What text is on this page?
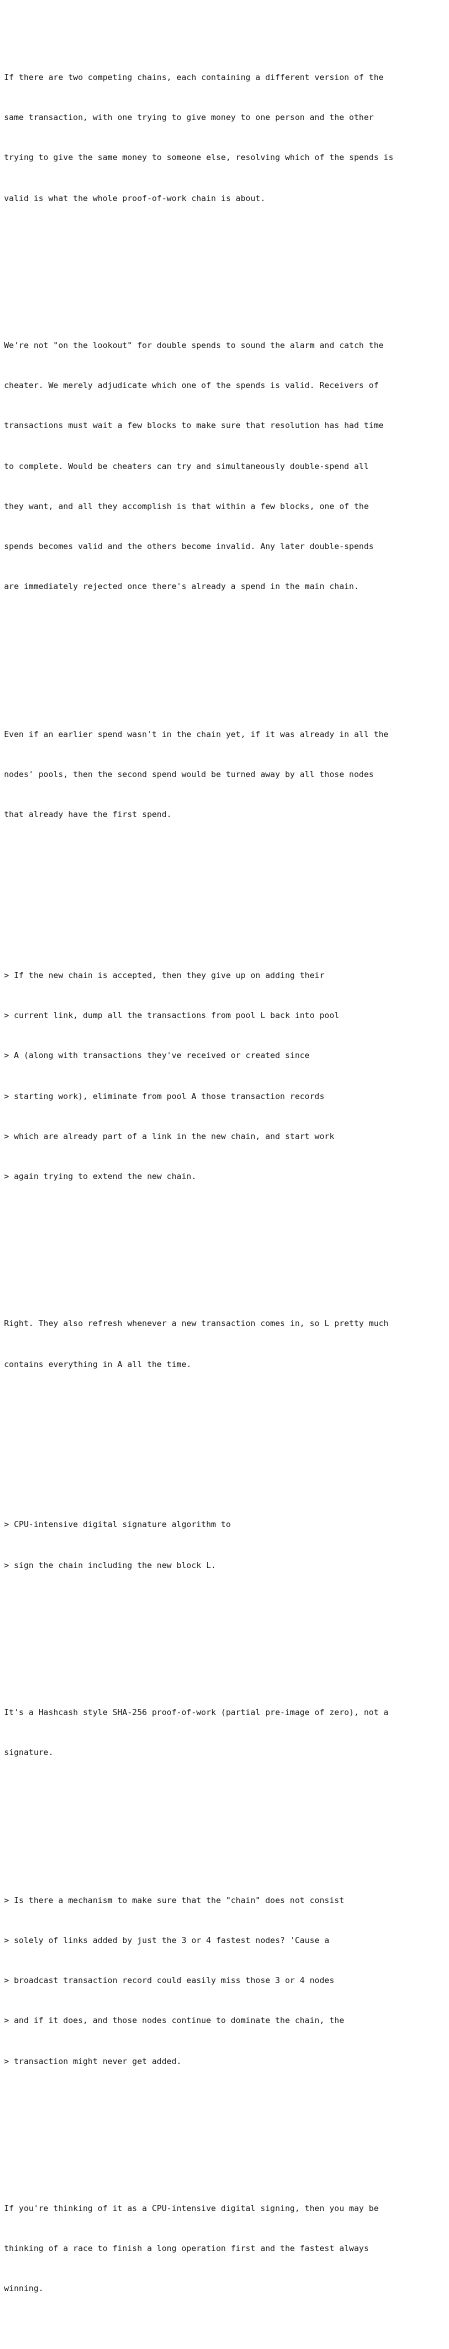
If there are two competing chains, each containing a different version of the

same transaction, with one trying to give money to one person and the other

trying to give the same money to someone else, resolving which of the spends is

valid is what the whole proof-of-work chain is about.

We're not "on the lookout" for double spends to sound the alarm and catch the

cheater. We merely adjudicate which one of the spends is valid. Receivers of

transactions must wait a few blocks to make sure that resolution has had time

to complete. Would be cheaters can try and simultaneously double-spend all

they want, and all they accomplish is that within a few blocks, one of the

spends becomes valid and the others become invalid. Any later double-spends

are immediately rejected once there's already a spend in the main chain.

Even if an earlier spend wasn't in the chain yet, if it was already in all the

nodes' pools, then the second spend would be turned away by all those nodes

that already have the first spend.

> If the new chain is accepted, then they give up on adding their

> current link, dump all the transactions from pool L back into pool

> A (along with transactions they've received or created since

> starting work), eliminate from pool A those transaction records

> which are already part of a link in the new chain, and start work

> again trying to extend the new chain.

Right. They also refresh whenever a new transaction comes in, so L pretty much

contains everything in A all the time.

> CPU-intensive digital signature algorithm to

> sign the chain including the new block L.

It's a Hashcash style SHA-256 proof-of-work (partial pre-image of zero), not a

signature.

> Is there a mechanism to make sure that the "chain" does not consist

> solely of links added by just the 3 or 4 fastest nodes? 'Cause a

> broadcast transaction record could easily miss those 3 or 4 nodes

> and if it does, and those nodes continue to dominate the chain, the

> transaction might never get added.

If you're thinking of it as a CPU-intensive digital signing, then you may be

thinking of a race to finish a long operation first and the fastest always

winning.
